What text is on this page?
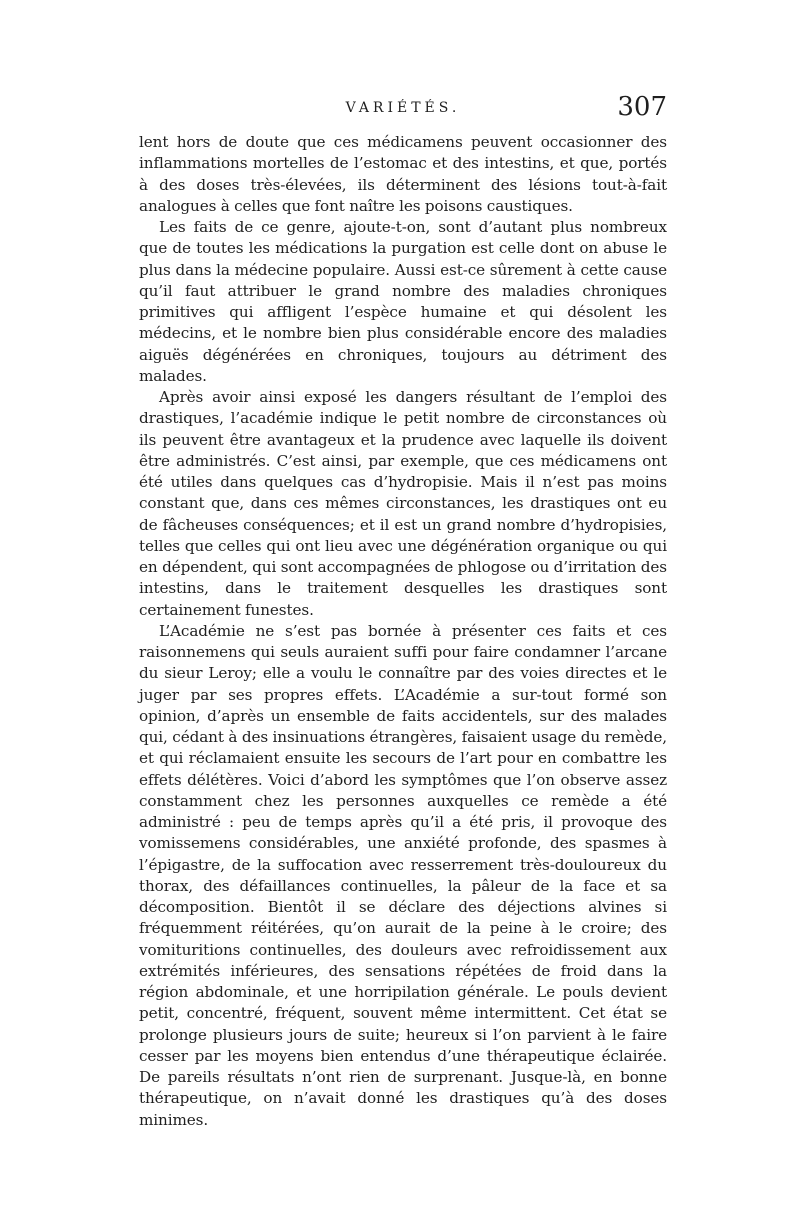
VARIÉTÉS.	307

lent hors de doute que ces médicamens peuvent occasionner des inflammations mortelles de l’estomac et des intestins, et que, portés à des doses très-élevées, ils déterminent des lésions tout-à-fait analogues à celles que font naître les poisons caustiques.

Les faits de ce genre, ajoute-t-on, sont d’autant plus nombreux que de toutes les médications la purgation est celle dont on abuse le plus dans la médecine populaire. Aussi est-ce sûrement à cette cause qu’il faut attribuer le grand nombre des maladies chroniques primitives qui affligent l’espèce humaine et qui désolent les médecins, et le nombre bien plus considérable encore des maladies aiguës dégénérées en chroniques, toujours au détriment des malades.

Après avoir ainsi exposé les dangers résultant de l’emploi des drastiques, l’académie indique le petit nombre de circonstances où ils peuvent être avantageux et la prudence avec laquelle ils doivent être administrés. C’est ainsi, par exemple, que ces médicamens ont été utiles dans quelques cas d’hydropisie. Mais il n’est pas moins constant que, dans ces mêmes circonstances, les drastiques ont eu de fâcheuses conséquences; et il est un grand nombre d’hydropisies, telles que celles qui ont lieu avec une dégénération organique ou qui en dépendent, qui sont accompagnées de phlogose ou d’irritation des intestins, dans le traitement desquelles les drastiques sont certainement funestes.

L’Académie ne s’est pas bornée à présenter ces faits et ces raisonnemens qui seuls auraient suffi pour faire condamner l’arcane du sieur Leroy; elle a voulu le connaître par des voies directes et le juger par ses propres effets. L’Académie a sur-tout formé son opinion, d’après un ensemble de faits accidentels, sur des malades qui, cédant à des insinuations étrangères, faisaient usage du remède, et qui réclamaient ensuite les secours de l’art pour en combattre les effets délétères. Voici d’abord les symptômes que l’on observe assez constamment chez les personnes auxquelles ce remède a été administré : peu de temps après qu’il a été pris, il provoque des vomissemens considérables, une anxiété profonde, des spasmes à l’épigastre, de la suffocation avec resserrement très-douloureux du thorax, des défaillances continuelles, la pâleur de la face et sa décomposition. Bientôt il se déclare des déjections alvines si fréquemment réitérées, qu’on aurait de la peine à le croire; des vomituritions continuelles, des douleurs avec refroidissement aux extrémités inférieures, des sensations répétées de froid dans la région abdominale, et une horripilation générale. Le pouls devient petit, concentré, fréquent, souvent même intermittent. Cet état se prolonge plusieurs jours de suite; heureux si l’on parvient à le faire cesser par les moyens bien entendus d’une thérapeutique éclairée. De pareils résultats n’ont rien de surprenant. Jusque-là, en bonne thérapeutique, on n’avait donné les drastiques qu’à des doses minimes.
